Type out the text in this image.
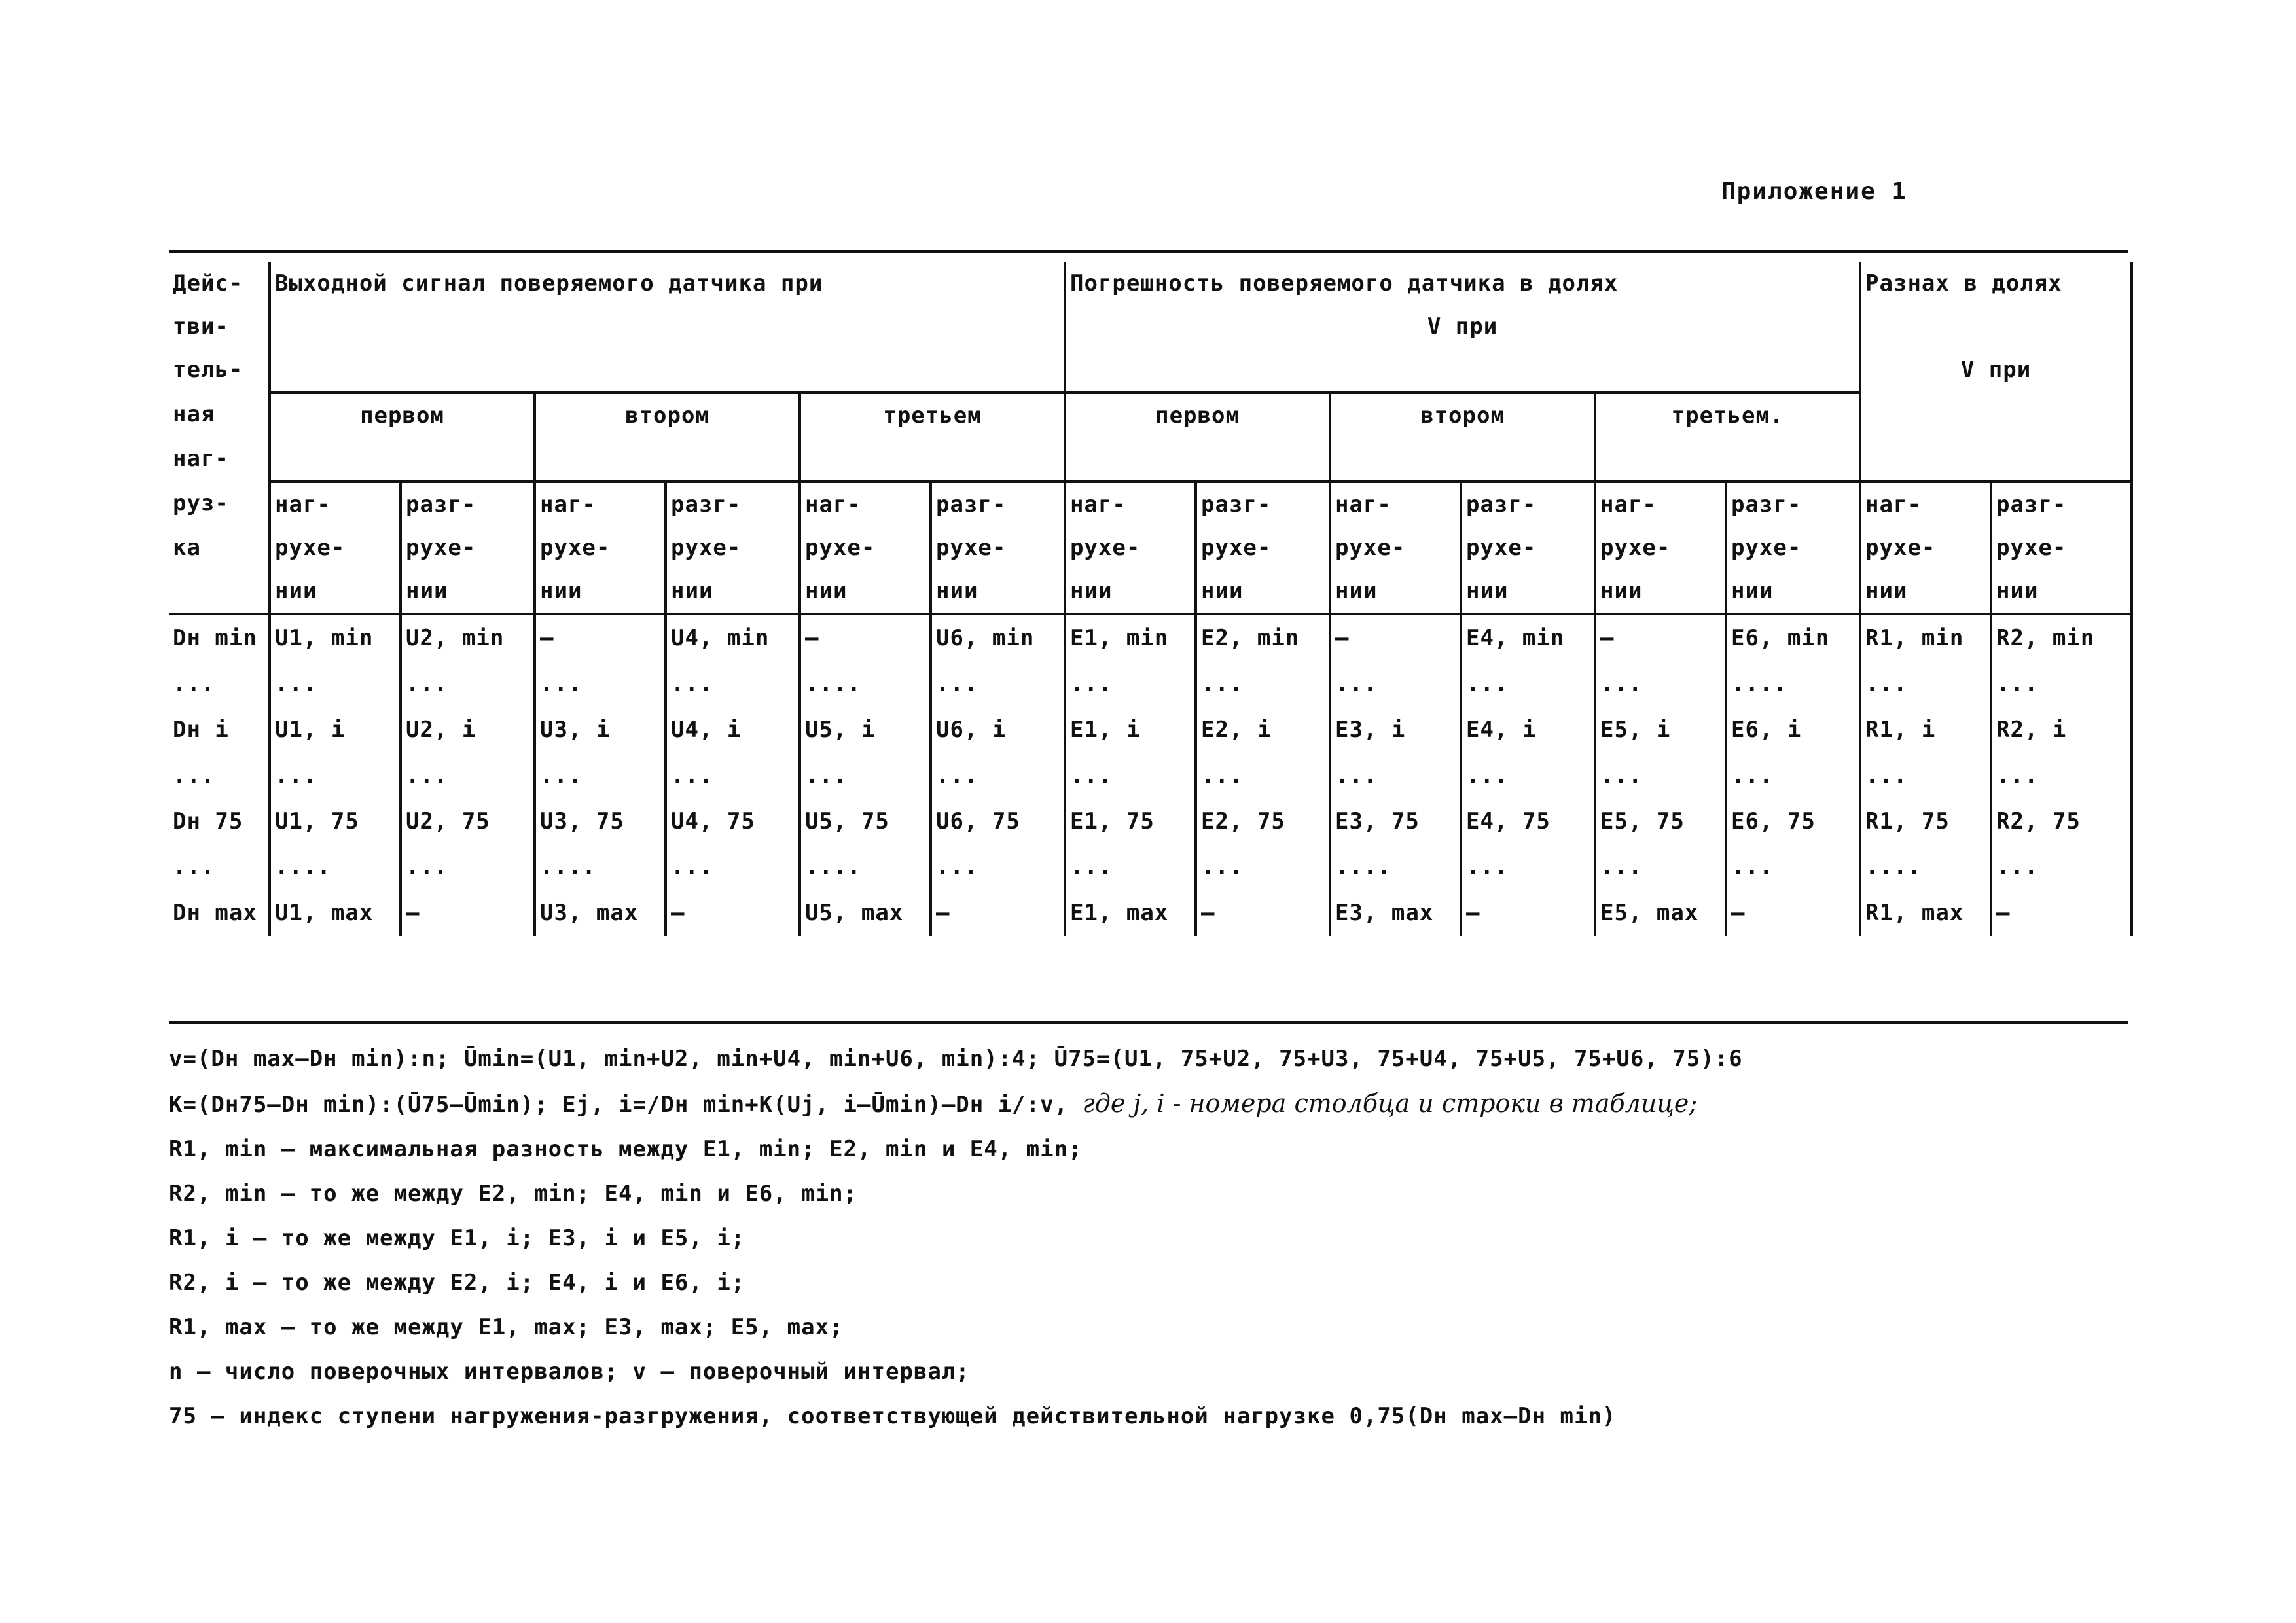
Приложение 1
Дейс-	Выходной сигнал поверяемого датчика при						Погрешность поверяемого датчика в долях						Разнах в долях	
тви-							V при							
тель-													V при	
ная	первом		втором		третьем		первом		втором		третьем.			
наг-														
руз-	наг-	разг-	наг-	разг-	наг-	разг-	наг-	разг-	наг-	разг-	наг-	разг-	наг-	разг-
ка	рухе-	рухе-	рухе-	рухе-	рухе-	рухе-	рухе-	рухе-	рухе-	рухе-	рухе-	рухе-	рухе-	рухе-
	нии	нии	нии	нии	нии	нии	нии	нии	нии	нии	нии	нии	нии	нии
Dн min	U1, min	U2, min	–	U4, min	–	U6, min	E1, min	E2, min	–	E4, min	–	E6, min	R1, min	R2, min
...	...	...	...	...	....	...	...	...	...	...	...	....	...	...
Dн i	U1, i	U2, i	U3, i	U4, i	U5, i	U6, i	E1, i	E2, i	E3, i	E4, i	E5, i	E6, i	R1, i	R2, i
...	...	...	...	...	...	...	...	...	...	...	...	...	...	...
Dн 75	U1, 75	U2, 75	U3, 75	U4, 75	U5, 75	U6, 75	E1, 75	E2, 75	E3, 75	E4, 75	E5, 75	E6, 75	R1, 75	R2, 75
...	....	...	....	...	....	...	...	...	....	...	...	...	....	...
Dн max	U1, max	–	U3, max	–	U5, max	–	E1, max	–	E3, max	–	E5, max	–	R1, max	–
v=(Dн max–Dн min):n; Ūmin=(U1, min+U2, min+U4, min+U6, min):4; Ū75=(U1, 75+U2, 75+U3, 75+U4, 75+U5, 75+U6, 75):6
K=(Dн75–Dн min):(Ū75–Ūmin); Ej, i=/Dн min+K(Uj, i–Ūmin)–Dн i/:v, где j, i - номера столбца и строки в таблице;
R1, min – максимальная разность между E1, min; E2, min и E4, min;
R2, min – то же между E2, min; E4, min и E6, min;
R1, i – то же между E1, i; E3, i и E5, i;
R2, i – то же между E2, i; E4, i и E6, i;
R1, max – то же между E1, max; E3, max; E5, max;
n – число поверочных интервалов; v – поверочный интервал;
75 – индекс ступени нагружения-разгружения, соответствующей действительной нагрузке 0,75(Dн max–Dн min)
